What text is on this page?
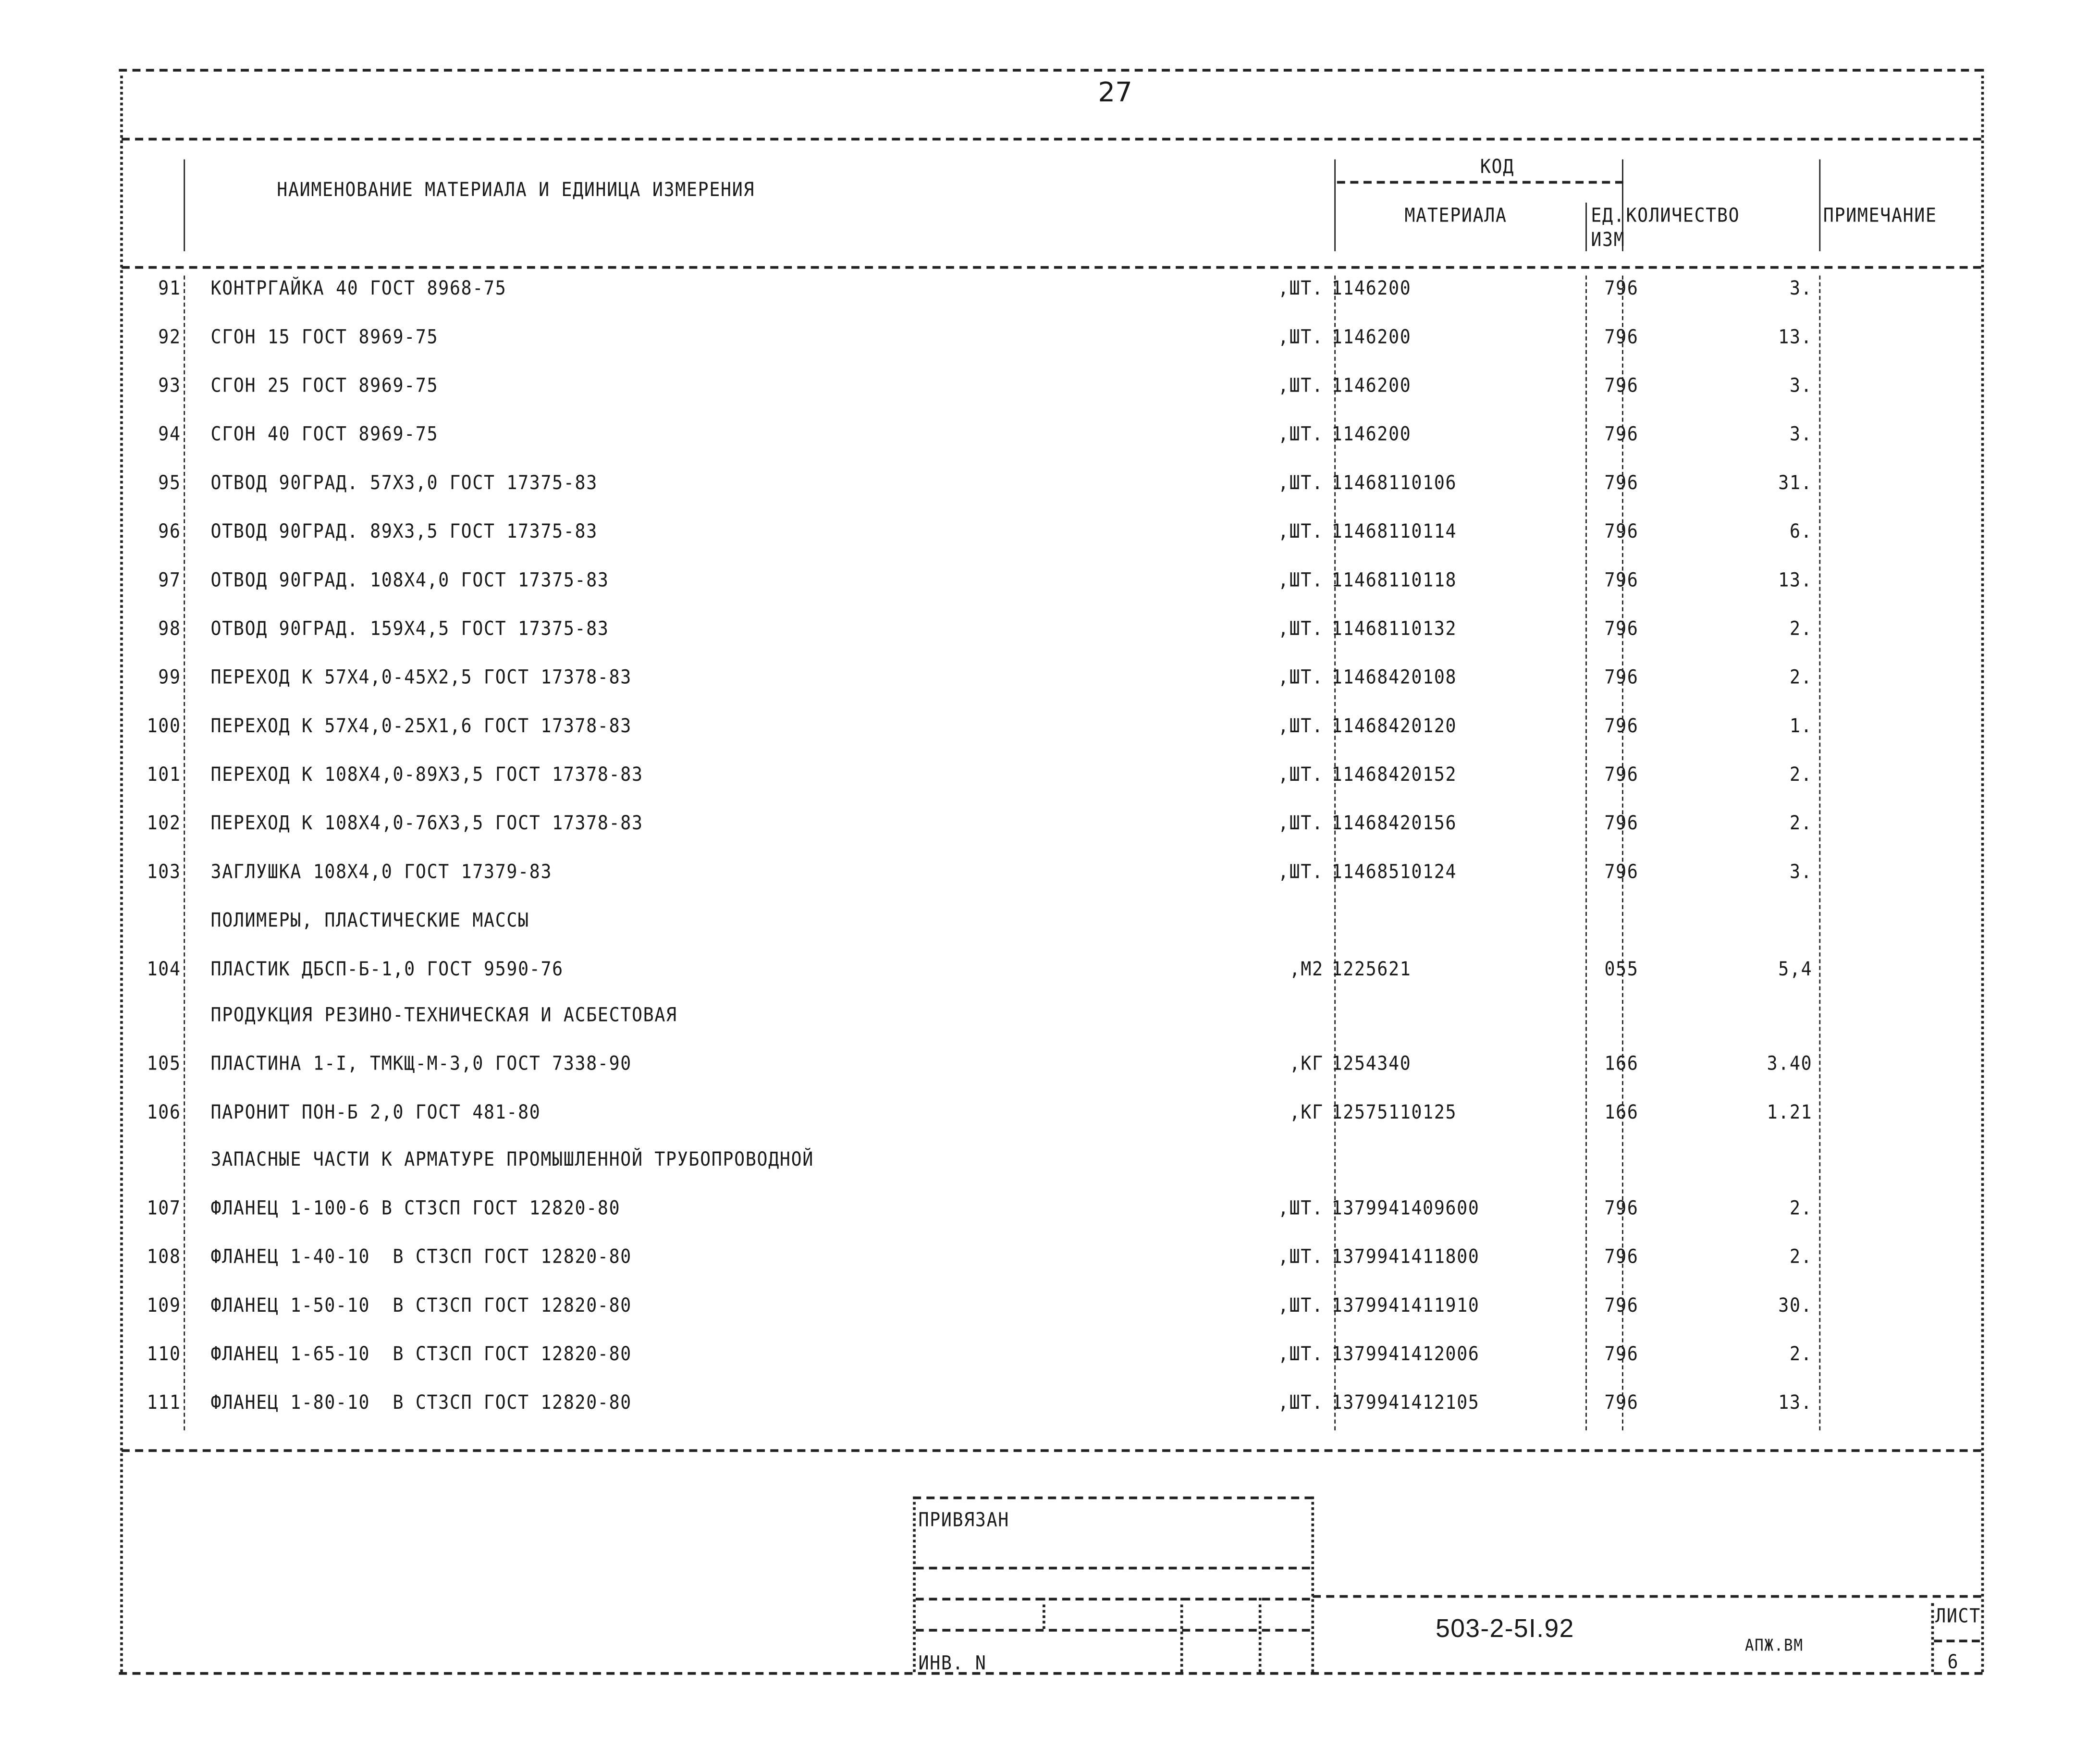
27
НАИМЕНОВАНИЕ МАТЕРИАЛА И ЕДИНИЦА ИЗМЕРЕНИЯ
КОД
МАТЕРИАЛА	ЕД.
ИЗМ
КОЛИЧЕСТВО	ПРИМЕЧАНИЕ
91	КОНТРГАЙКА 40 ГОСТ 8968-75	,ШТ. 1146200	796	3.
92	СГОН 15 ГОСТ 8969-75	,ШТ. 1146200	796	13.
93	СГОН 25 ГОСТ 8969-75	,ШТ. 1146200	796	3.
94	СГОН 40 ГОСТ 8969-75	,ШТ. 1146200	796	3.
95	ОТВОД 90ГРАД. 57Х3,0 ГОСТ 17375-83	,ШТ. 11468110106	796	31.
96	ОТВОД 90ГРАД. 89Х3,5 ГОСТ 17375-83	,ШТ. 11468110114	796	6.
97	ОТВОД 90ГРАД. 108Х4,0 ГОСТ 17375-83	,ШТ. 11468110118	796	13.
98	ОТВОД 90ГРАД. 159Х4,5 ГОСТ 17375-83	,ШТ. 11468110132	796	2.
99	ПЕРЕХОД К 57Х4,0-45Х2,5 ГОСТ 17378-83	,ШТ. 11468420108	796	2.
100	ПЕРЕХОД К 57Х4,0-25Х1,6 ГОСТ 17378-83	,ШТ. 11468420120	796	1.
101	ПЕРЕХОД К 108Х4,0-89Х3,5 ГОСТ 17378-83	,ШТ. 11468420152	796	2.
102	ПЕРЕХОД К 108Х4,0-76Х3,5 ГОСТ 17378-83	,ШТ. 11468420156	796	2.
103	ЗАГЛУШКА 108Х4,0 ГОСТ 17379-83	,ШТ. 11468510124	796	3.
ПОЛИМЕРЫ, ПЛАСТИЧЕСКИЕ МАССЫ
104	ПЛАСТИК ДБСП-Б-1,0 ГОСТ 9590-76	,М2 1225621	055	5,4
ПРОДУКЦИЯ РЕЗИНО-ТЕХНИЧЕСКАЯ И АСБЕСТОВАЯ
105	ПЛАСТИНА 1-I, ТМКЩ-М-3,0 ГОСТ 7338-90	,КГ 1254340	166	3.40
106	ПАРОНИТ ПОН-Б 2,0 ГОСТ 481-80	,КГ 12575110125	166	1.21
ЗАПАСНЫЕ ЧАСТИ К АРМАТУРЕ ПРОМЫШЛЕННОЙ ТРУБОПРОВОДНОЙ
107	ФЛАНЕЦ 1-100-6 В СТ3СП ГОСТ 12820-80	,ШТ. 1379941409600	796	2.
108	ФЛАНЕЦ 1-40-10  В СТ3СП ГОСТ 12820-80	,ШТ. 1379941411800	796	2.
109	ФЛАНЕЦ 1-50-10  В СТ3СП ГОСТ 12820-80	,ШТ. 1379941411910	796	30.
110	ФЛАНЕЦ 1-65-10  В СТ3СП ГОСТ 12820-80	,ШТ. 1379941412006	796	2.
111	ФЛАНЕЦ 1-80-10  В СТ3СП ГОСТ 12820-80	,ШТ. 1379941412105	796	13.
ПРИВЯЗАН
ИНВ. N
503-2-5I.92
АПЖ.ВМ
ЛИСТ
6
